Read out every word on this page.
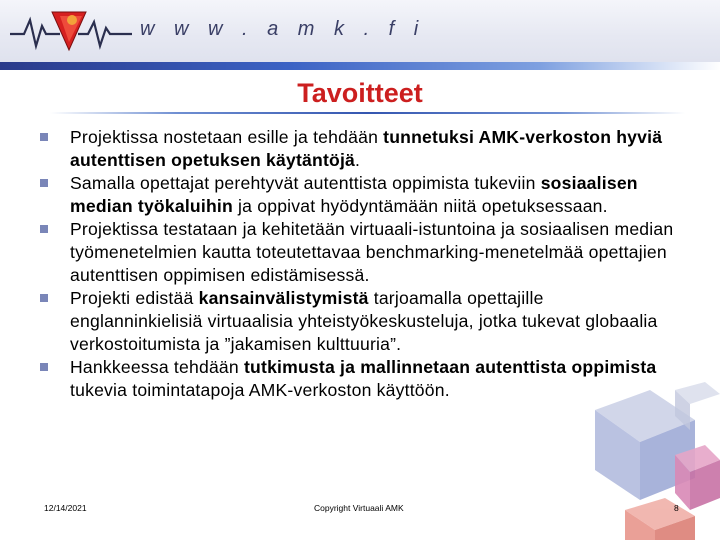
w w w . a m k . f i
Tavoitteet
Projektissa nostetaan esille ja tehdään tunnetuksi AMK-verkoston hyviä autenttisen opetuksen käytäntöjä.
Samalla opettajat perehtyvät autenttista oppimista tukeviin sosiaalisen median työkaluihin ja oppivat hyödyntämään niitä opetuksessaan.
Projektissa testataan ja kehitetään virtuaali-istuntoina ja sosiaalisen median työmenetelmien kautta toteutettavaa benchmarking-menetelmää opettajien autenttisen oppimisen edistämisessä.
Projekti edistää kansainvälistymistä tarjoamalla opettajille englanninkielisiä virtuaalisia yhteistyökeskusteluja, jotka tukevat globaalia verkostoitumista ja ”jakamisen kulttuuria”.
Hankkeessa tehdään tutkimusta ja mallinnetaan autenttista oppimista tukevia toimintatapoja AMK-verkoston käyttöön.
12/14/2021	Copyright Virtuaali AMK	8
